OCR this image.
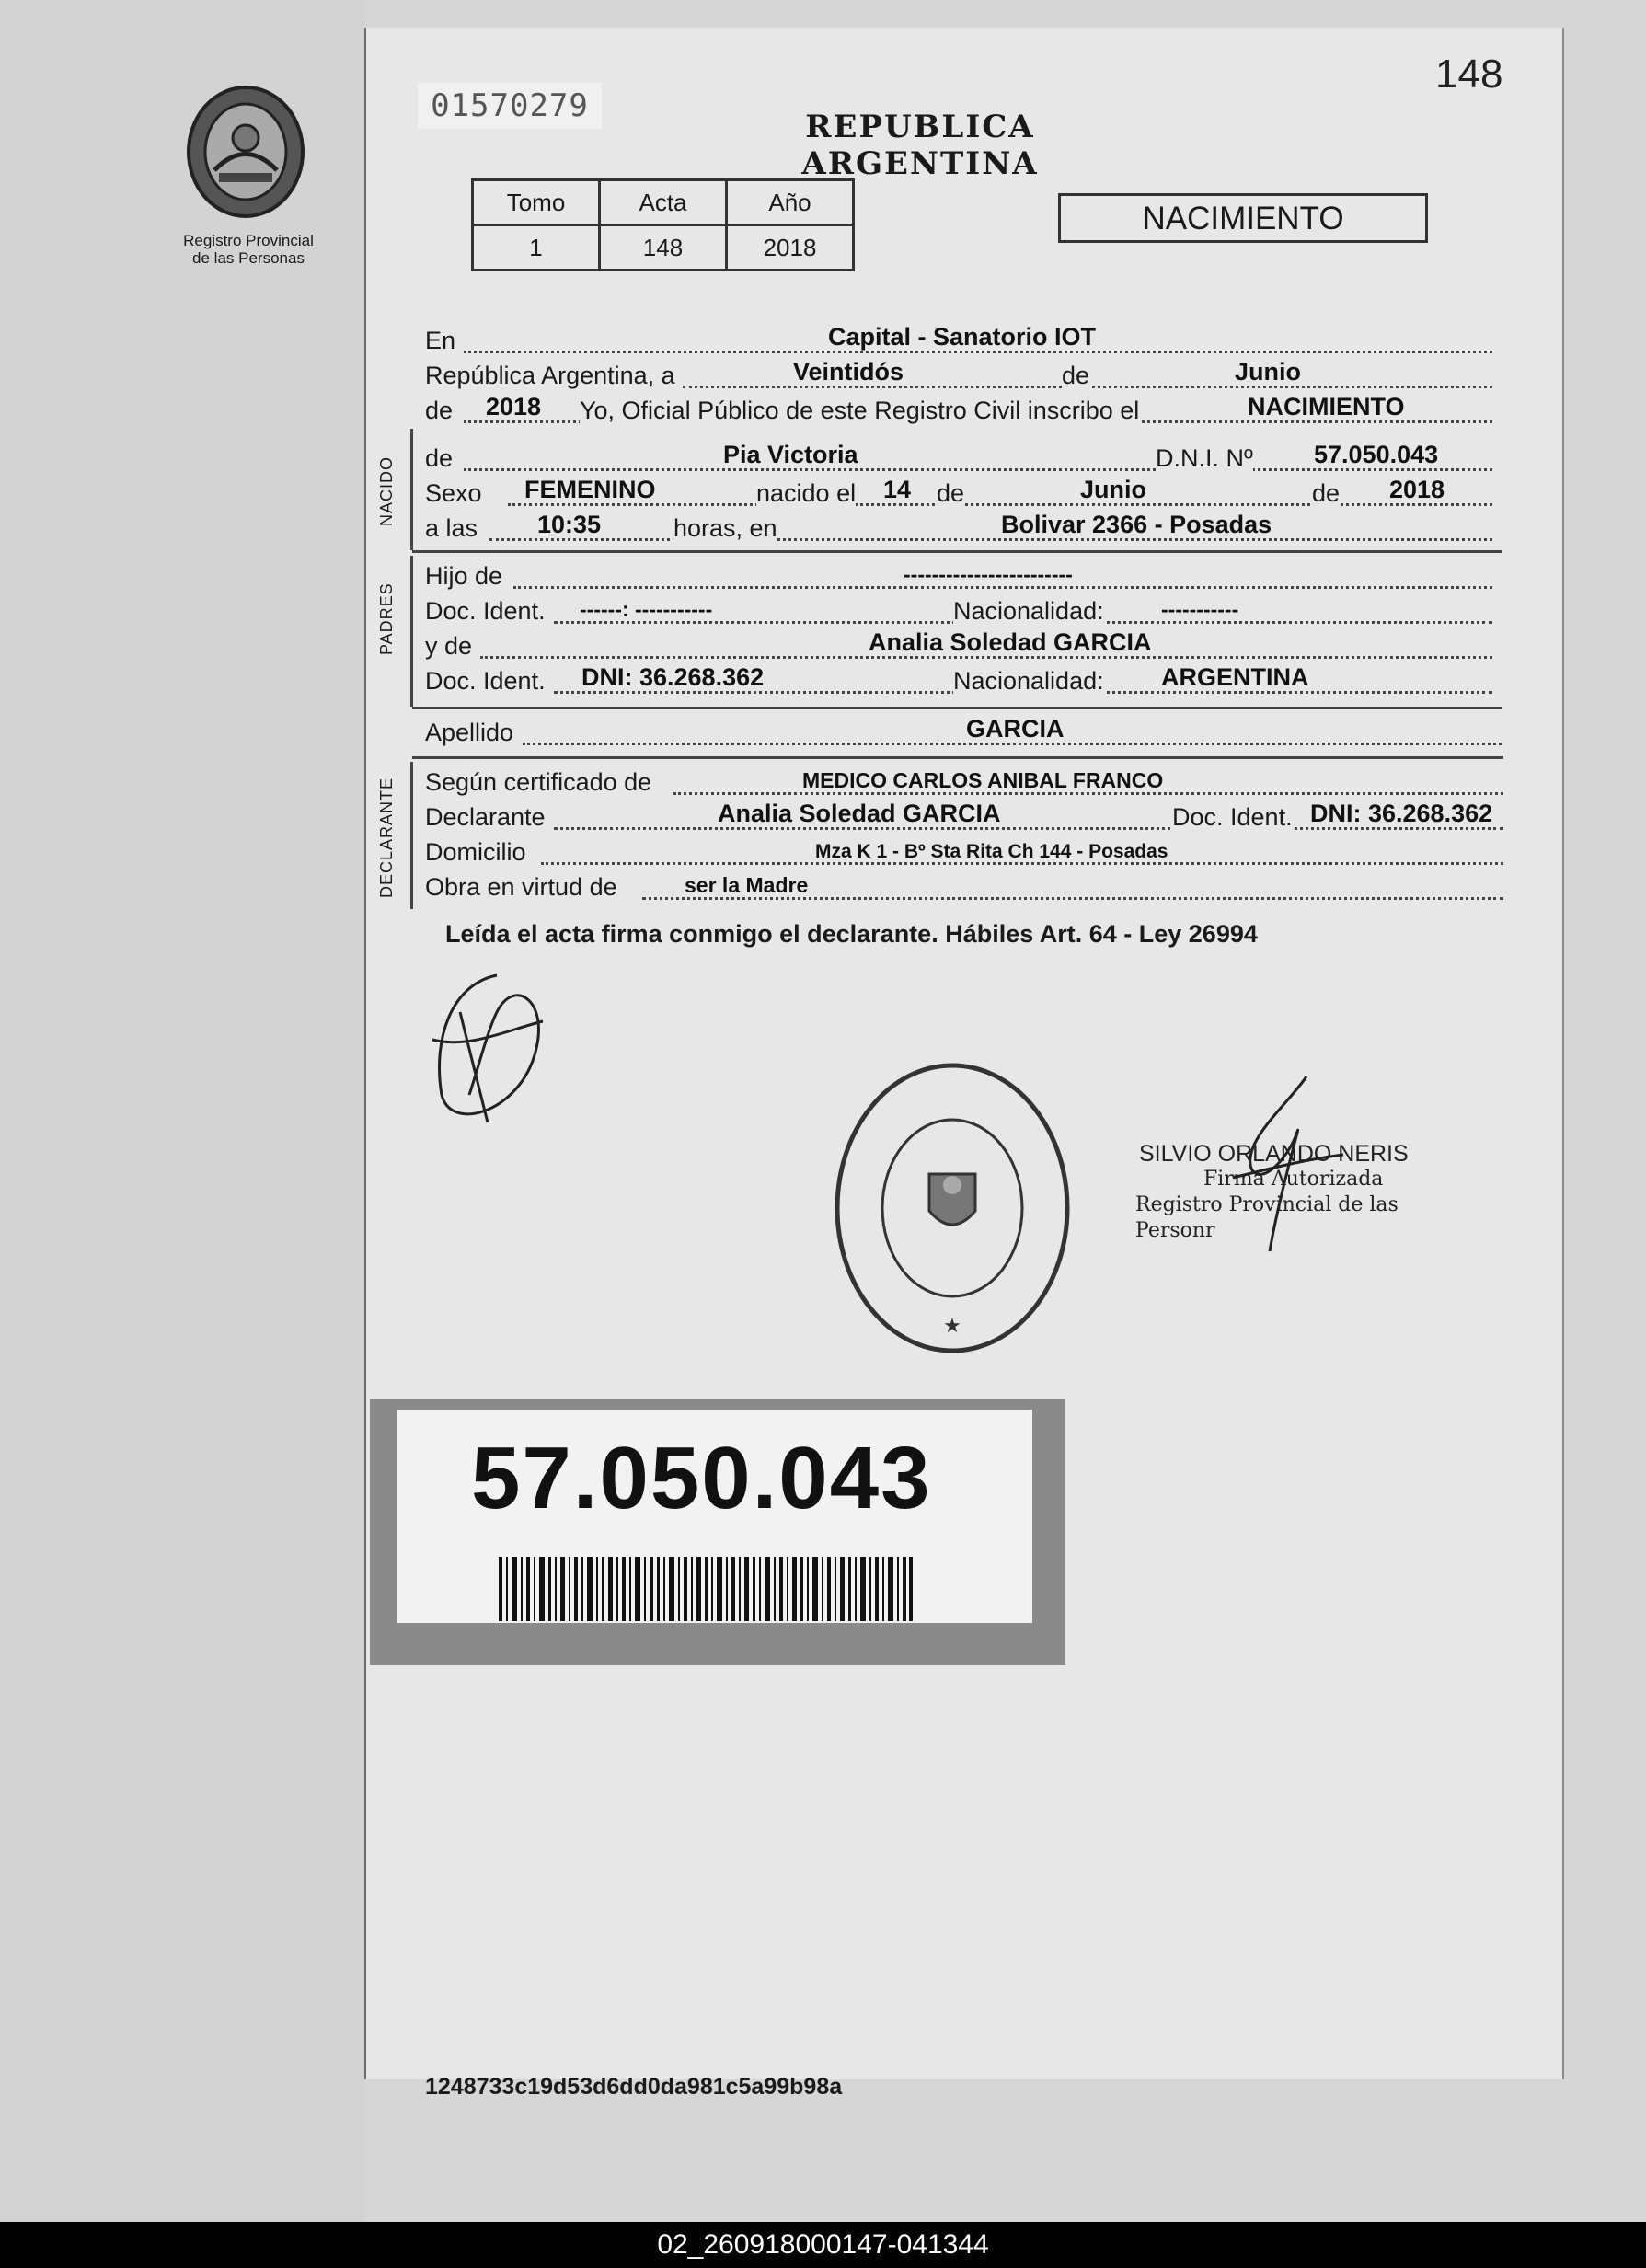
Registro Provincial
de las Personas
01570279
148
REPUBLICA ARGENTINA
Tomo	Acta	Año
1	148	2018
NACIMIENTO
En	Capital - Sanatorio IOT
República Argentina, a	Veintidós	de	Junio
de 2018 Yo, Oficial Público de este Registro Civil inscribo el	NACIMIENTO
de	Pia Victoria	D.N.I. Nº 57.050.043
Sexo FEMENINO	nacido el 14 de	Junio	de 2018
a las 10:35	horas, en	Bolivar 2366 - Posadas
NACIDO
Hijo de	------------------------
Doc. Ident. ------: -----------	Nacionalidad:	-----------
y de	Analia Soledad GARCIA
Doc. Ident. DNI: 36.268.362	Nacionalidad: ARGENTINA
PADRES
Apellido	GARCIA
Según certificado de	MEDICO CARLOS ANIBAL FRANCO
Declarante	Analia Soledad GARCIA	Doc. Ident. DNI: 36.268.362
Domicilio	Mza K 1 - Bº Sta Rita Ch 144 - Posadas
Obra en virtud de	ser la Madre
DECLARANTE
Leída el acta firma conmigo el declarante. Hábiles Art. 64 - Ley 26994
★
SILVIO ORLANDO NERIS
Firma Autorizada
Registro Provincial de las Personr
57.050.043
1248733c19d53d6dd0da981c5a99b98a
02_260918000147-041344
